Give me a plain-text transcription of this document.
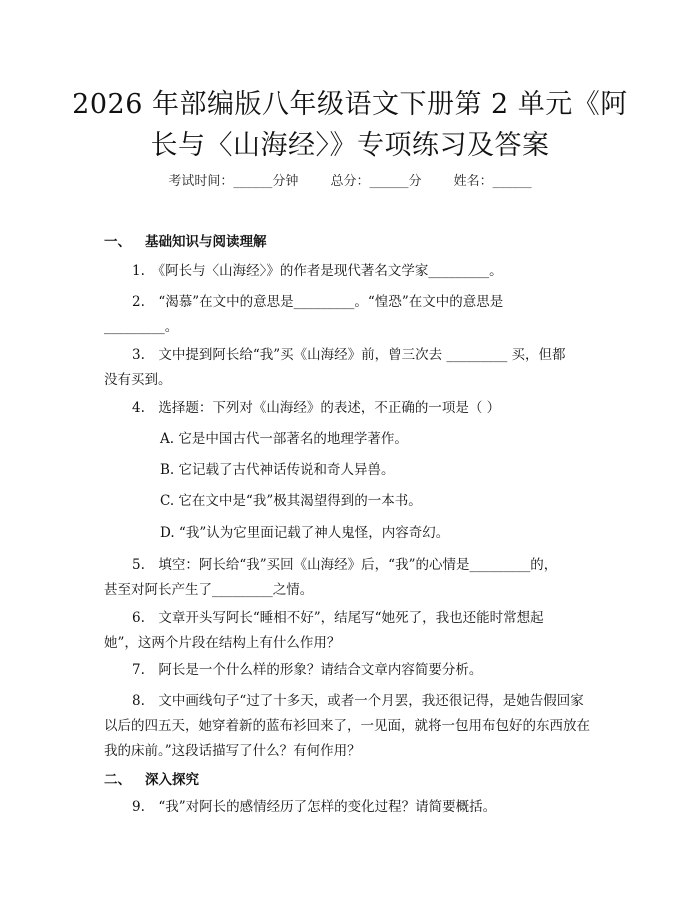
2026 年部编版八年级语文下册第 2 单元《阿
长与〈山海经〉》专项练习及答案
考试时间：______分钟 总分：______分 姓名：______
一、 基础知识与阅读理解
1.　《阿长与〈山海经〉》的作者是现代著名文学家_________。
2.　“渴慕”在文中的意思是_________。“惶恐”在文中的意思是
_________。
3.　文中提到阿长给“我”买《山海经》前，曾三次去 _________ 买，但都
没有买到。
4.　选择题：下列对《山海经》的表述，不正确的一项是（ ）
A. 它是中国古代一部著名的地理学著作。
B. 它记载了古代神话传说和奇人异兽。
C. 它在文中是“我”极其渴望得到的一本书。
D. “我”认为它里面记载了神人鬼怪，内容奇幻。
5.　填空：阿长给“我”买回《山海经》后，“我”的心情是_________的，
甚至对阿长产生了_________之情。
6.　文章开头写阿长“睡相不好”，结尾写“她死了，我也还能时常想起
她”，这两个片段在结构上有什么作用？
7.　阿长是一个什么样的形象？请结合文章内容简要分析。
8.　文中画线句子“过了十多天，或者一个月罢，我还很记得，是她告假回家
以后的四五天，她穿着新的蓝布衫回来了，一见面，就将一包用布包好的东西放在
我的床前。”这段话描写了什么？有何作用？
二、 深入探究
9.　“我”对阿长的感情经历了怎样的变化过程？请简要概括。
